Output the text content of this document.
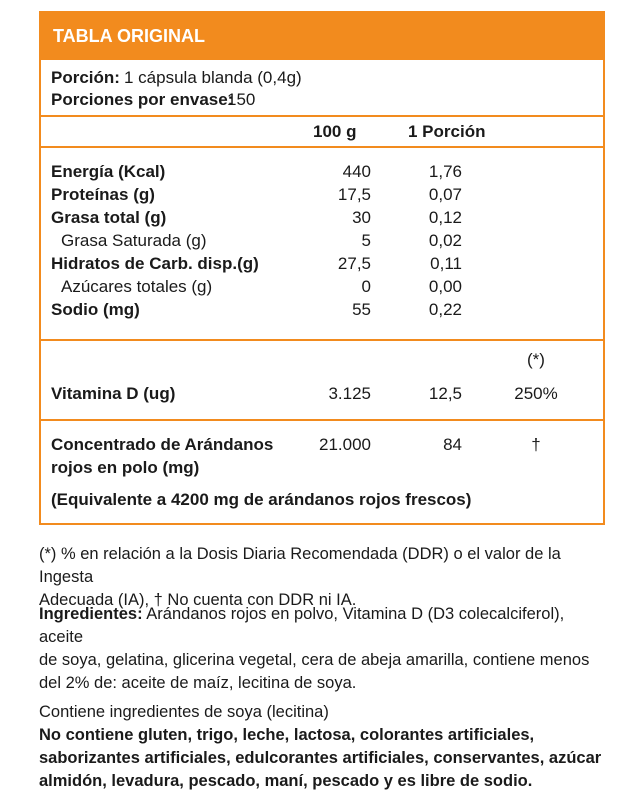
TABLA ORIGINAL
Porción: 1 cápsula blanda (0,4g)
Porciones por envase:
150
100 g	1 Porción
Energía (Kcal)	440	1,76
Proteínas (g)	17,5	0,07
Grasa total (g)	30	0,12
Grasa Saturada (g)	5	0,02
Hidratos de Carb. disp.(g)	27,5	0,11
Azúcares totales (g)	0	0,00
Sodio (mg)	55	0,22
(*)
Vitamina D (ug)	3.125	12,5	250%
Concentrado de Arándanos
rojos en polo (mg)
21.000	84	†
(Equivalente a 4200 mg de arándanos rojos frescos)
(*) % en relación a la Dosis Diaria Recomendada (DDR) o el valor de la Ingesta
Adecuada (IA), † No cuenta con DDR ni IA.
Ingredientes: Arándanos rojos en polvo, Vitamina D (D3 colecalciferol), aceite
de soya, gelatina, glicerina vegetal, cera de abeja amarilla, contiene menos
del 2% de: aceite de maíz, lecitina de soya.
Contiene ingredientes de soya (lecitina)
No contiene gluten, trigo, leche, lactosa, colorantes artificiales,
saborizantes artificiales, edulcorantes artificiales, conservantes, azúcar
almidón, levadura, pescado, maní, pescado y es libre de sodio.
